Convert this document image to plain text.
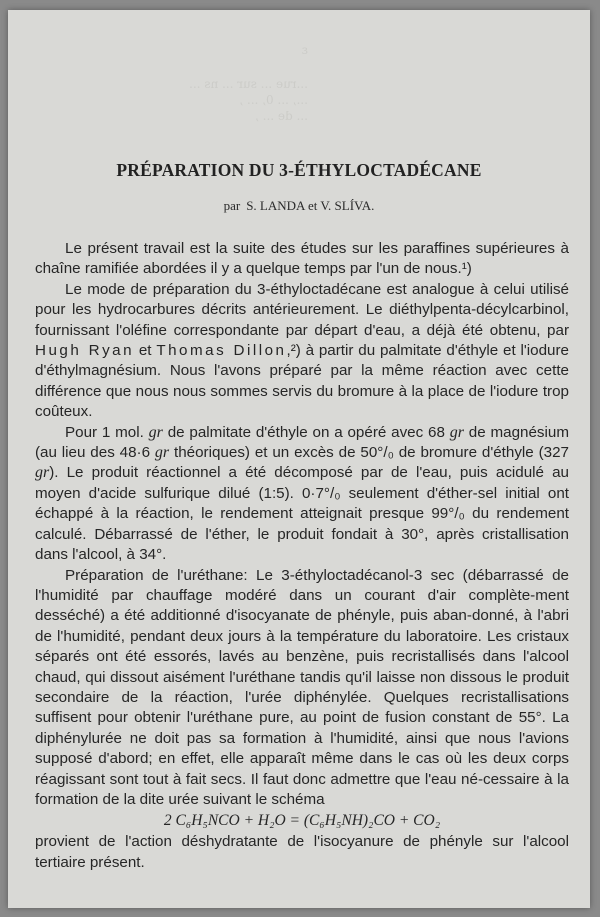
ε
...rue ... sur ... ns ...
..., ... 0, ... ,
... de ... ,
PRÉPARATION DU 3-ÉTHYLOCTADÉCANE
par S. LANDA et V. SLÍVA.

Le présent travail est la suite des études sur les paraffines supérieures à chaîne ramifiée abordées il y a quelque temps par l'un de nous.¹)

Le mode de préparation du 3-éthyloctadécane est analogue à celui utilisé pour les hydrocarbures décrits antérieurement. Le diéthylpenta-décylcarbinol, fournissant l'oléfine correspondante par départ d'eau, a déjà été obtenu, par Hugh Ryan et Thomas Dillon,²) à partir du palmitate d'éthyle et l'iodure d'éthylmagnésium. Nous l'avons préparé par la même réaction avec cette différence que nous nous sommes servis du bromure à la place de l'iodure trop coûteux.

Pour 1 mol. gr de palmitate d'éthyle on a opéré avec 68 gr de magnésium (au lieu des 48·6 gr théoriques) et un excès de 50°/₀ de bromure d'éthyle (327 gr). Le produit réactionnel a été décomposé par de l'eau, puis acidulé au moyen d'acide sulfurique dilué (1:5). 0·7°/₀ seulement d'éther-sel initial ont échappé à la réaction, le rendement atteignait presque 99°/₀ du rendement calculé. Débarrassé de l'éther, le produit fondait à 30°, après cristallisation dans l'alcool, à 34°.

Préparation de l'uréthane: Le 3-éthyloctadécanol-3 sec (débarrassé de l'humidité par chauffage modéré dans un courant d'air complète-ment desséché) a été additionné d'isocyanate de phényle, puis aban-donné, à l'abri de l'humidité, pendant deux jours à la température du laboratoire. Les cristaux séparés ont été essorés, lavés au benzène, puis recristallisés dans l'alcool chaud, qui dissout aisément l'uréthane tandis qu'il laisse non dissous le produit secondaire de la réaction, l'urée diphénylée. Quelques recristallisations suffisent pour obtenir l'uréthane pure, au point de fusion constant de 55°. La diphénylurée ne doit pas sa formation à l'humidité, ainsi que nous l'avions supposé d'abord; en effet, elle apparaît même dans le cas où les deux corps réagissant sont tout à fait secs. Il faut donc admettre que l'eau né-cessaire à la formation de la dite urée suivant le schéma

2 C₆H₅NCO + H₂O = (C₆H₅NH)₂CO + CO₂

provient de l'action déshydratante de l'isocyanure de phényle sur l'alcool tertiaire présent.
